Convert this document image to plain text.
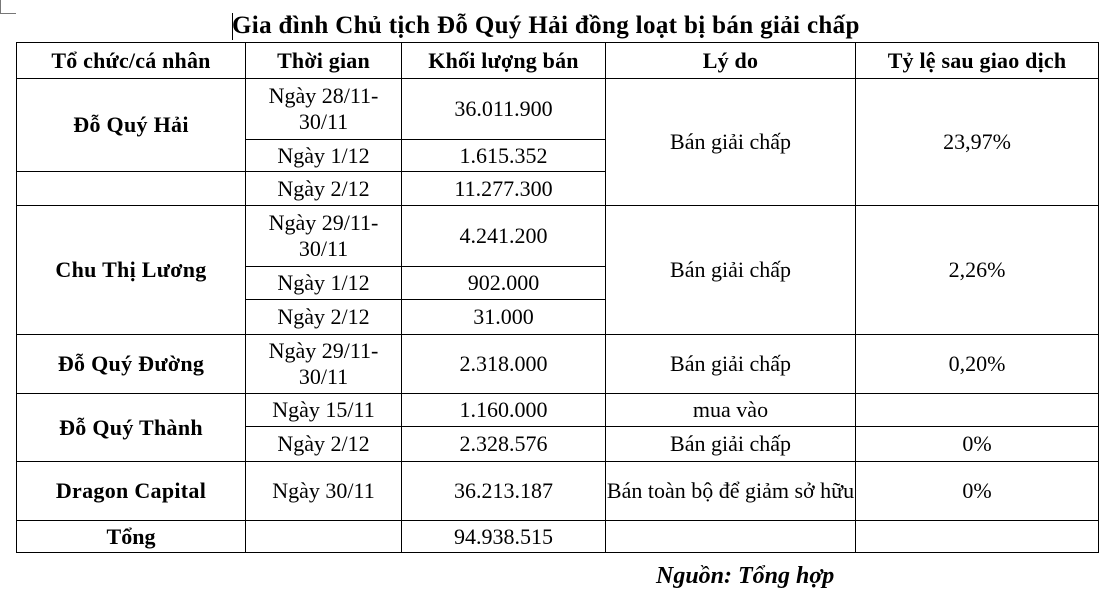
Gia đình Chủ tịch Đỗ Quý Hải đồng loạt bị bán giải chấp
Tổ chức/cá nhân	Thời gian	Khối lượng bán	Lý do	Tỷ lệ sau giao dịch
Đỗ Quý Hải	Ngày 28/11-30/11	36.011.900	Bán giải chấp	23,97%
	Ngày 1/12	1.615.352		
	Ngày 2/12	11.277.300		
Chu Thị Lương	Ngày 29/11-30/11	4.241.200	Bán giải chấp	2,26%
	Ngày 1/12	902.000		
	Ngày 2/12	31.000		
Đỗ Quý Đường	Ngày 29/11-30/11	2.318.000	Bán giải chấp	0,20%
Đỗ Quý Thành	Ngày 15/11	1.160.000	mua vào	
	Ngày 2/12	2.328.576	Bán giải chấp	0%
Dragon Capital	Ngày 30/11	36.213.187	Bán toàn bộ để giảm sở hữu	0%
Tổng		94.938.515		
Nguồn: Tổng hợp
